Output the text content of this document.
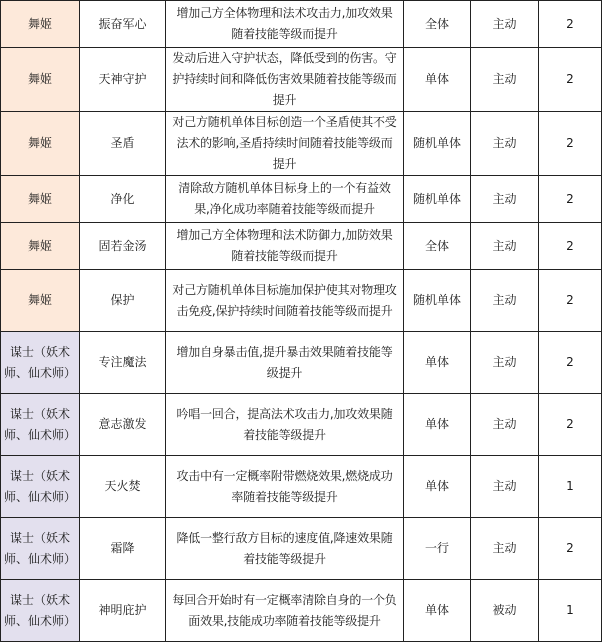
舞姬	振奋军心	增加己方全体物理和法术攻击力,加攻效果随着技能等级而提升	全体	主动	2
舞姬	天神守护	发动后进入守护状态，降低受到的伤害。守护持续时间和降低伤害效果随着技能等级而提升	单体	主动	2
舞姬	圣盾	对己方随机单体目标创造一个圣盾使其不受法术的影响,圣盾持续时间随着技能等级而提升	随机单体	主动	2
舞姬	净化	清除敌方随机单体目标身上的一个有益效果,净化成功率随着技能等级而提升	随机单体	主动	2
舞姬	固若金汤	增加己方全体物理和法术防御力,加防效果随着技能等级而提升	全体	主动	2
舞姬	保护	对己方随机单体目标施加保护使其对物理攻击免疫,保护持续时间随着技能等级而提升	随机单体	主动	2
谋士（妖术师、仙术师）	专注魔法	增加自身暴击值,提升暴击效果随着技能等级提升	单体	主动	2
谋士（妖术师、仙术师）	意志激发	吟唱一回合，提高法术攻击力,加攻效果随着技能等级提升	单体	主动	2
谋士（妖术师、仙术师）	天火焚	攻击中有一定概率附带燃烧效果,燃烧成功率随着技能等级提升	单体	主动	1
谋士（妖术师、仙术师）	霜降	降低一整行敌方目标的速度值,降速效果随着技能等级提升	一行	主动	2
谋士（妖术师、仙术师）	神明庇护	每回合开始时有一定概率清除自身的一个负面效果,技能成功率随着技能等级提升	单体	被动	1
